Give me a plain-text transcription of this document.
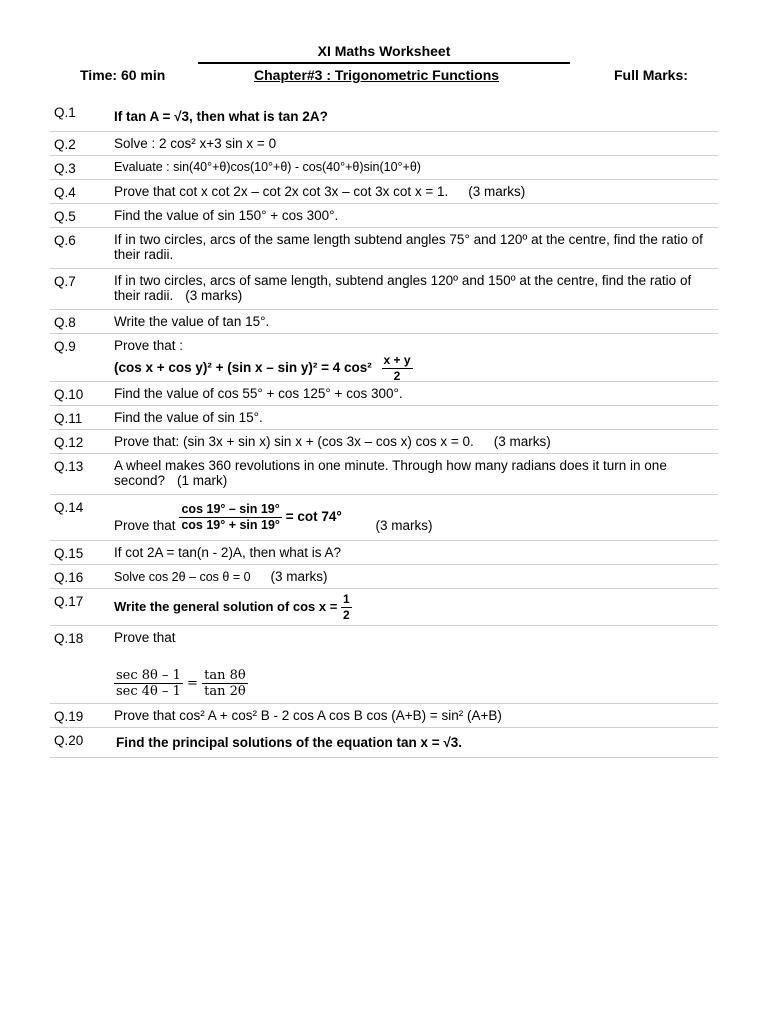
XI Maths Worksheet
Time: 60 min	Chapter#3 : Trigonometric Functions	Full Marks:
Q.1	If tan A = √3, then what is tan 2A?
Q.2	Solve : 2 cos² x+3 sin x = 0
Q.3	Evaluate : sin(40°+θ)cos(10°+θ) - cos(40°+θ)sin(10°+θ)
Q.4	Prove that cot x cot 2x – cot 2x cot 3x – cot 3x cot x = 1. (3 marks)
Q.5	Find the value of sin 150° + cos 300°.
Q.6	If in two circles, arcs of the same length subtend angles 75° and 120º at the centre, find the ratio of their radii.
Q.7	If in two circles, arcs of same length, subtend angles 120º and 150º at the centre, find the ratio of their radii. (3 marks)
Q.8	Write the value of tan 15°.
Q.9	Prove that :
(cos x + cos y)² + (sin x – sin y)² = 4 $\cos^2 \frac{x + y}{2}$
Q.10 Find the value of cos 55° + cos 125° + cos 300°.
Q.11 Find the value of sin 15°.
Q.12 Prove that: (sin 3x + sin x) sin x + (cos 3x – cos x) cos x = 0. (3 marks)
Q.13 A wheel makes 360 revolutions in one minute. Through how many radians does it turn in one second? (1 mark)
Q.14
Prove that $\frac{\cos 19^\circ - \sin 19^\circ}{\cos 19^\circ + \sin 19^\circ} = \cot 74^\circ$ (3 marks)
Q.15 If cot 2A = tan(n - 2)A, then what is A?
Q.16 Solve cos 2θ – cos θ = 0 (3 marks)
Q.17 Write the general solution of $\cos x = \frac{1}{2}$
Q.18 Prove that
$\frac{\sec 8\theta - 1}{\sec 4\theta - 1} = \frac{\tan 8\theta}{\tan 2\theta}$
Q.19 Prove that cos² A + cos² B - 2 cos A cos B cos (A+B) = sin² (A+B)
Q.20 Find the principal solutions of the equation tan x = √3.
